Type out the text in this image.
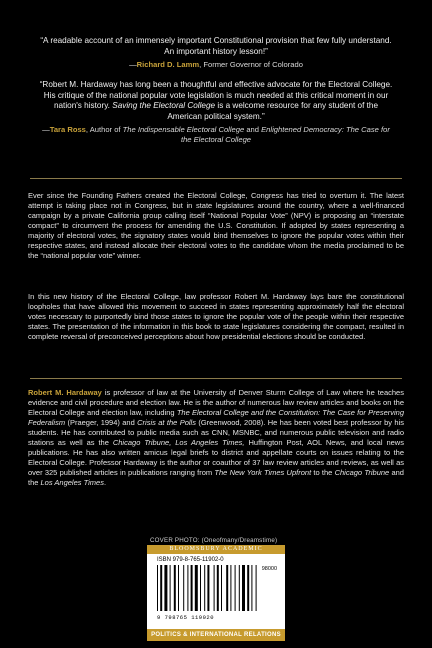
“A readable account of an immensely important Constitutional provision that few fully understand. An important history lesson!”
—Richard D. Lamm, Former Governor of Colorado
“Robert M. Hardaway has long been a thoughtful and effective advocate for the Electoral College. His critique of the national popular vote legislation is much needed at this critical moment in our nation's history. Saving the Electoral College is a welcome resource for any student of the American political system.”
—Tara Ross, Author of The Indispensable Electoral College and Enlightened Democracy: The Case for the Electoral College

Ever since the Founding Fathers created the Electoral College, Congress has tried to overturn it. The latest attempt is taking place not in Congress, but in state legislatures around the country, where a well-financed campaign by a private California group calling itself “National Popular Vote” (NPV) is proposing an “interstate compact” to circumvent the process for amending the U.S. Constitution. If adopted by states representing a majority of electoral votes, the signatory states would bind themselves to ignore the popular votes within their respective states, and instead allocate their electoral votes to the candidate whom the media proclaimed to be the “national popular vote” winner.

In this new history of the Electoral College, law professor Robert M. Hardaway lays bare the constitutional loopholes that have allowed this movement to succeed in states representing approximately half the electoral votes necessary to purportedly bind those states to ignore the popular vote of the people within their respective states. The presentation of the information in this book to state legislatures considering the compact, resulted in complete reversal of preconceived perceptions about how presidential elections should be conducted.

Robert M. Hardaway is professor of law at the University of Denver Sturm College of Law where he teaches evidence and civil procedure and election law. He is the author of numerous law review articles and books on the Electoral College and election law, including The Electoral College and the Constitution: The Case for Preserving Federalism (Praeger, 1994) and Crisis at the Polls (Greenwood, 2008). He has been voted best professor by his students. He has contributed to public media such as CNN, MSNBC, and numerous public television and radio stations as well as the Chicago Tribune, Los Angeles Times, Huffington Post, AOL News, and local news publications. He has also written amicus legal briefs to district and appellate courts on issues relating to the Electoral College. Professor Hardaway is the author or coauthor of 37 law review articles and reviews, as well as over 325 published articles in publications ranging from The New York Times Upfront to the Chicago Tribune and the Los Angeles Times.

COVER PHOTO: (Oneofmany/Dreamstime)
BLOOMSBURY ACADEMIC
ISBN 979-8-765-11902-0
98000
9 798765 119020
POLITICS & INTERNATIONAL RELATIONS
